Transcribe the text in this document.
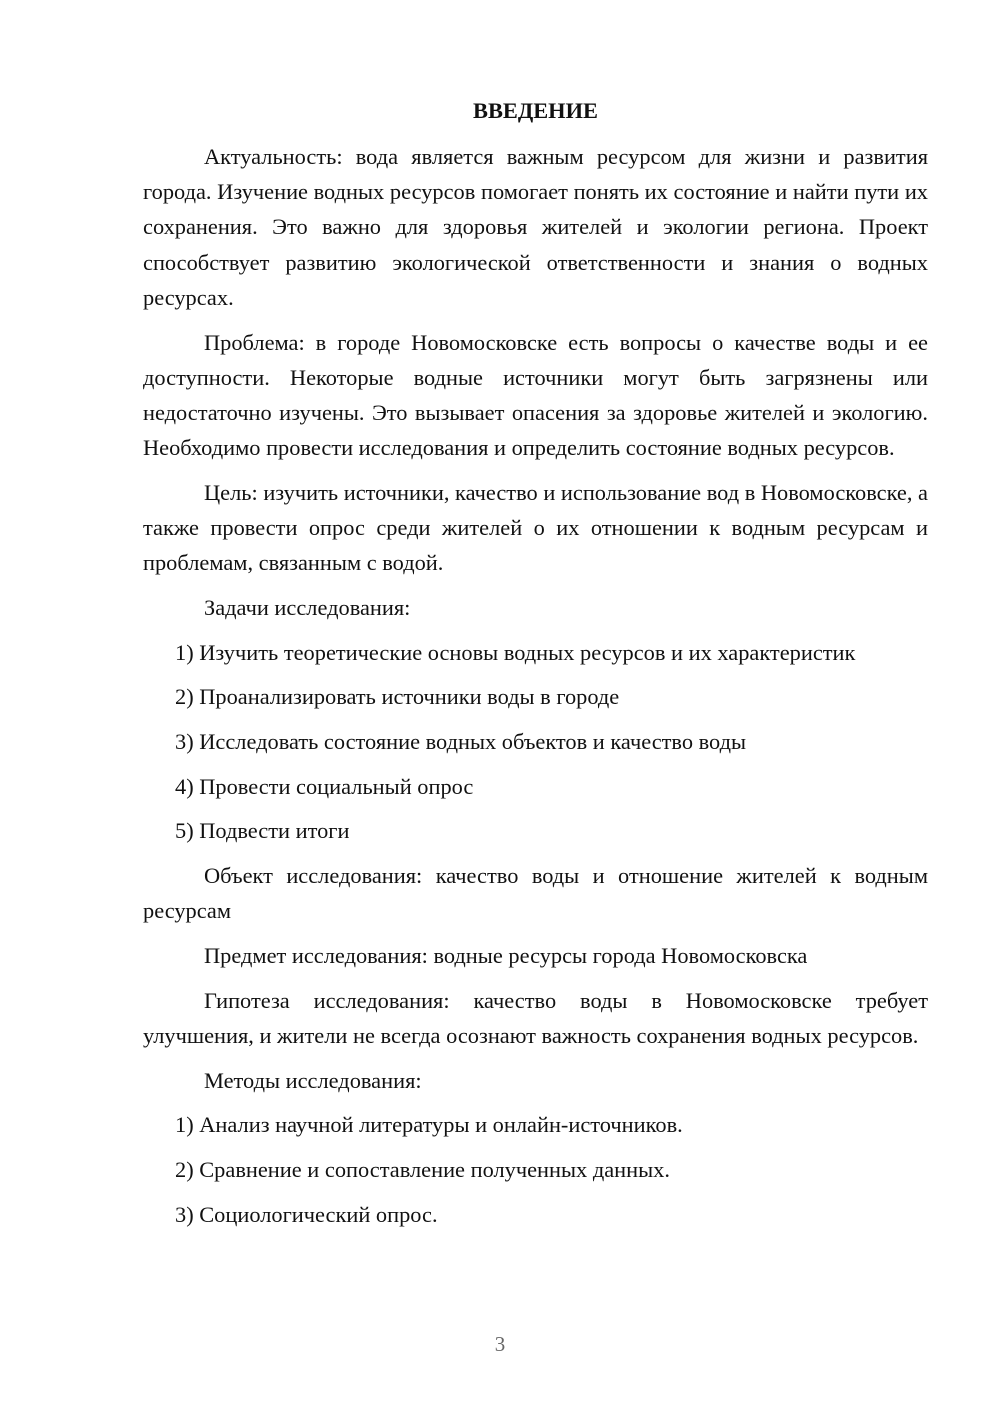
ВВЕДЕНИЕ

Актуальность: вода является важным ресурсом для жизни и развития города. Изучение водных ресурсов помогает понять их состояние и найти пути их сохранения. Это важно для здоровья жителей и экологии региона. Проект способствует развитию экологической ответственности и знания о водных ресурсах.

Проблема: в городе Новомосковске есть вопросы о качестве воды и ее доступности. Некоторые водные источники могут быть загрязнены или недостаточно изучены. Это вызывает опасения за здоровье жителей и экологию. Необходимо провести исследования и определить состояние водных ресурсов.

Цель: изучить источники, качество и использование вод в Новомосковске, а также провести опрос среди жителей о их отношении к водным ресурсам и проблемам, связанным с водой.

Задачи исследования:
1) Изучить теоретические основы водных ресурсов и их характеристик
2) Проанализировать источники воды в городе
3) Исследовать состояние водных объектов и качество воды
4) Провести социальный опрос
5) Подвести итоги

Объект исследования: качество воды и отношение жителей к водным ресурсам

Предмет исследования: водные ресурсы города Новомосковска

Гипотеза исследования: качество воды в Новомосковске требует улучшения, и жители не всегда осознают важность сохранения водных ресурсов.

Методы исследования:
1) Анализ научной литературы и онлайн-источников.
2) Сравнение и сопоставление полученных данных.
3) Социологический опрос.
3
